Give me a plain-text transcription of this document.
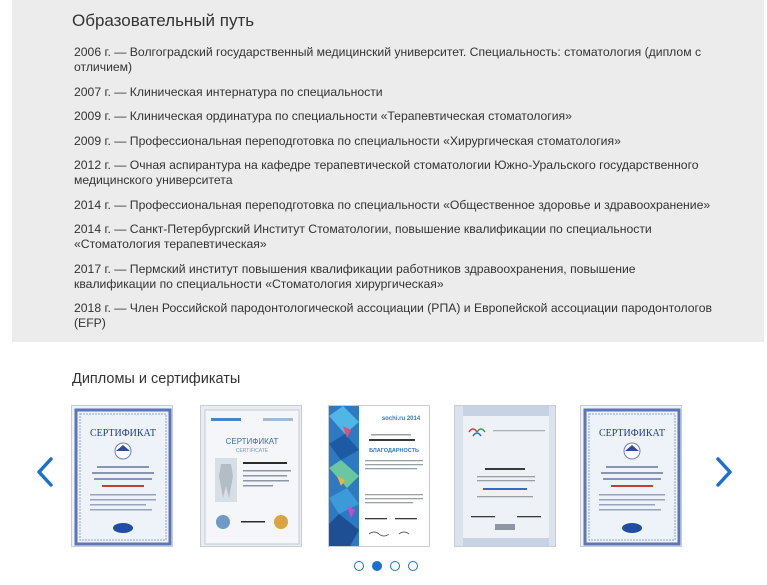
Образовательный путь

2006 г. — Волгоградский государственный медицинский университет. Специальность: стоматология (диплом с отличием)

2007 г. — Клиническая интернатура по специальности

2009 г. — Клиническая ординатура по специальности «Терапевтическая стоматология»

2009 г. — Профессиональная переподготовка по специальности «Хирургическая стоматология»

2012 г. — Очная аспирантура на кафедре терапевтической стоматологии Южно-Уральского государственного медицинского университета

2014 г. — Профессиональная переподготовка по специальности «Общественное здоровье и здравоохранение»

2014 г. — Санкт-Петербургский Институт Стоматологии, повышение квалификации по специальности «Стоматология терапевтическая»

2017 г. — Пермский институт повышения квалификации работников здравоохранения, повышение квалификации по специальности «Стоматология хирургическая»

2018 г. — Член Российской пародонтологической ассоциации (РПА) и Европейской ассоциации пародонтологов (EFP)

Дипломы и сертификаты
СЕРТИФИКАТ
СЕРТИФИКАТ
CERTIFICATE
sochi.ru 2014
БЛАГОДАРНОСТЬ
СЕРТИФИКАТ
